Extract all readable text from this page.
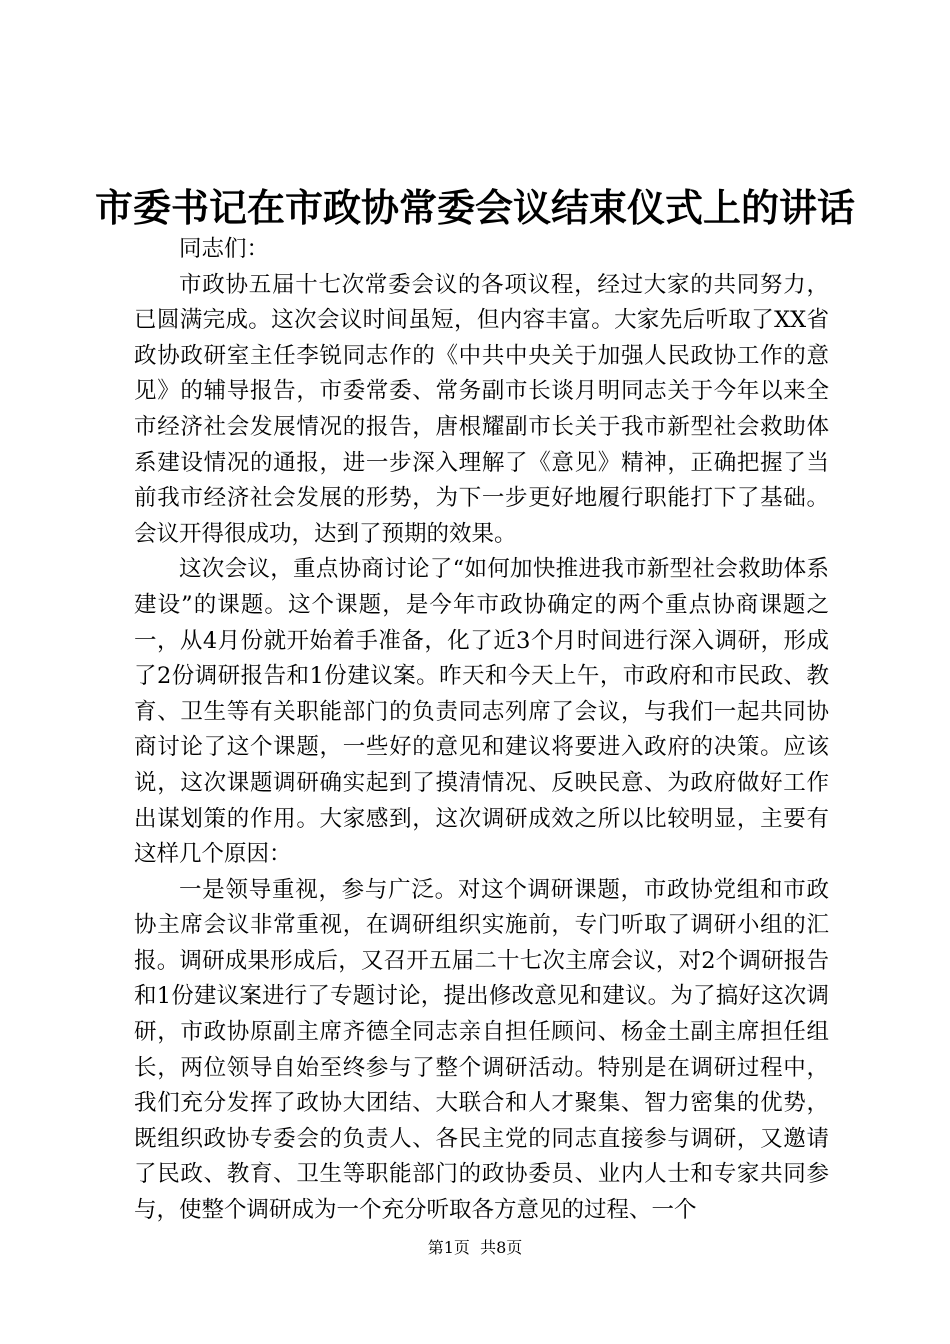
市委书记在市政协常委会议结束仪式上的讲话

同志们：

市政协五届十七次常委会议的各项议程，经过大家的共同努力，已圆满完成。这次会议时间虽短，但内容丰富。大家先后听取了XX省政协政研室主任李锐同志作的《中共中央关于加强人民政协工作的意见》的辅导报告，市委常委、常务副市长谈月明同志关于今年以来全市经济社会发展情况的报告，唐根耀副市长关于我市新型社会救助体系建设情况的通报，进一步深入理解了《意见》精神，正确把握了当前我市经济社会发展的形势，为下一步更好地履行职能打下了基础。会议开得很成功，达到了预期的效果。

这次会议，重点协商讨论了“如何加快推进我市新型社会救助体系建设”的课题。这个课题，是今年市政协确定的两个重点协商课题之一，从4月份就开始着手准备，化了近3个月时间进行深入调研，形成了2份调研报告和1份建议案。昨天和今天上午，市政府和市民政、教育、卫生等有关职能部门的负责同志列席了会议，与我们一起共同协商讨论了这个课题，一些好的意见和建议将要进入政府的决策。应该说，这次课题调研确实起到了摸清情况、反映民意、为政府做好工作出谋划策的作用。大家感到，这次调研成效之所以比较明显，主要有这样几个原因：

一是领导重视，参与广泛。对这个调研课题，市政协党组和市政协主席会议非常重视，在调研组织实施前，专门听取了调研小组的汇报。调研成果形成后，又召开五届二十七次主席会议，对2个调研报告和1份建议案进行了专题讨论，提出修改意见和建议。为了搞好这次调研，市政协原副主席齐德全同志亲自担任顾问、杨金土副主席担任组长，两位领导自始至终参与了整个调研活动。特别是在调研过程中，我们充分发挥了政协大团结、大联合和人才聚集、智力密集的优势，既组织政协专委会的负责人、各民主党的同志直接参与调研，又邀请了民政、教育、卫生等职能部门的政协委员、业内人士和专家共同参与，使整个调研成为一个充分听取各方意见的过程、一个

第1页 共8页
